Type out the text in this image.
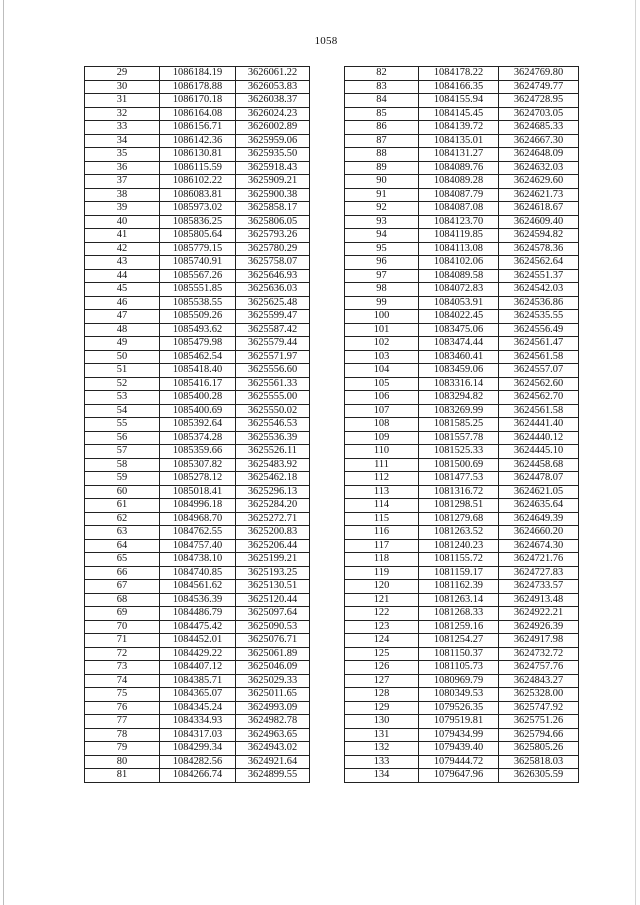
1058
29	1086184.19	3626061.22
30	1086178.88	3626053.83
31	1086170.18	3626038.37
32	1086164.08	3626024.23
33	1086156.71	3626002.89
34	1086142.36	3625959.06
35	1086130.81	3625935.50
36	1086115.59	3625918.43
37	1086102.22	3625909.21
38	1086083.81	3625900.38
39	1085973.02	3625858.17
40	1085836.25	3625806.05
41	1085805.64	3625793.26
42	1085779.15	3625780.29
43	1085740.91	3625758.07
44	1085567.26	3625646.93
45	1085551.85	3625636.03
46	1085538.55	3625625.48
47	1085509.26	3625599.47
48	1085493.62	3625587.42
49	1085479.98	3625579.44
50	1085462.54	3625571.97
51	1085418.40	3625556.60
52	1085416.17	3625561.33
53	1085400.28	3625555.00
54	1085400.69	3625550.02
55	1085392.64	3625546.53
56	1085374.28	3625536.39
57	1085359.66	3625526.11
58	1085307.82	3625483.92
59	1085278.12	3625462.18
60	1085018.41	3625296.13
61	1084996.18	3625284.20
62	1084968.70	3625272.71
63	1084762.55	3625200.83
64	1084757.40	3625206.44
65	1084738.10	3625199.21
66	1084740.85	3625193.25
67	1084561.62	3625130.51
68	1084536.39	3625120.44
69	1084486.79	3625097.64
70	1084475.42	3625090.53
71	1084452.01	3625076.71
72	1084429.22	3625061.89
73	1084407.12	3625046.09
74	1084385.71	3625029.33
75	1084365.07	3625011.65
76	1084345.24	3624993.09
77	1084334.93	3624982.78
78	1084317.03	3624963.65
79	1084299.34	3624943.02
80	1084282.56	3624921.64
81	1084266.74	3624899.55
82	1084178.22	3624769.80
83	1084166.35	3624749.77
84	1084155.94	3624728.95
85	1084145.45	3624703.05
86	1084139.72	3624685.33
87	1084135.01	3624667.30
88	1084131.27	3624648.09
89	1084089.76	3624632.03
90	1084089.28	3624629.60
91	1084087.79	3624621.73
92	1084087.08	3624618.67
93	1084123.70	3624609.40
94	1084119.85	3624594.82
95	1084113.08	3624578.36
96	1084102.06	3624562.64
97	1084089.58	3624551.37
98	1084072.83	3624542.03
99	1084053.91	3624536.86
100	1084022.45	3624535.55
101	1083475.06	3624556.49
102	1083474.44	3624561.47
103	1083460.41	3624561.58
104	1083459.06	3624557.07
105	1083316.14	3624562.60
106	1083294.82	3624562.70
107	1083269.99	3624561.58
108	1081585.25	3624441.40
109	1081557.78	3624440.12
110	1081525.33	3624445.10
111	1081500.69	3624458.68
112	1081477.53	3624478.07
113	1081316.72	3624621.05
114	1081298.51	3624635.64
115	1081279.68	3624649.39
116	1081263.52	3624660.20
117	1081240.23	3624674.30
118	1081155.72	3624721.76
119	1081159.17	3624727.83
120	1081162.39	3624733.57
121	1081263.14	3624913.48
122	1081268.33	3624922.21
123	1081259.16	3624926.39
124	1081254.27	3624917.98
125	1081150.37	3624732.72
126	1081105.73	3624757.76
127	1080969.79	3624843.27
128	1080349.53	3625328.00
129	1079526.35	3625747.92
130	1079519.81	3625751.26
131	1079434.99	3625794.66
132	1079439.40	3625805.26
133	1079444.72	3625818.03
134	1079647.96	3626305.59
